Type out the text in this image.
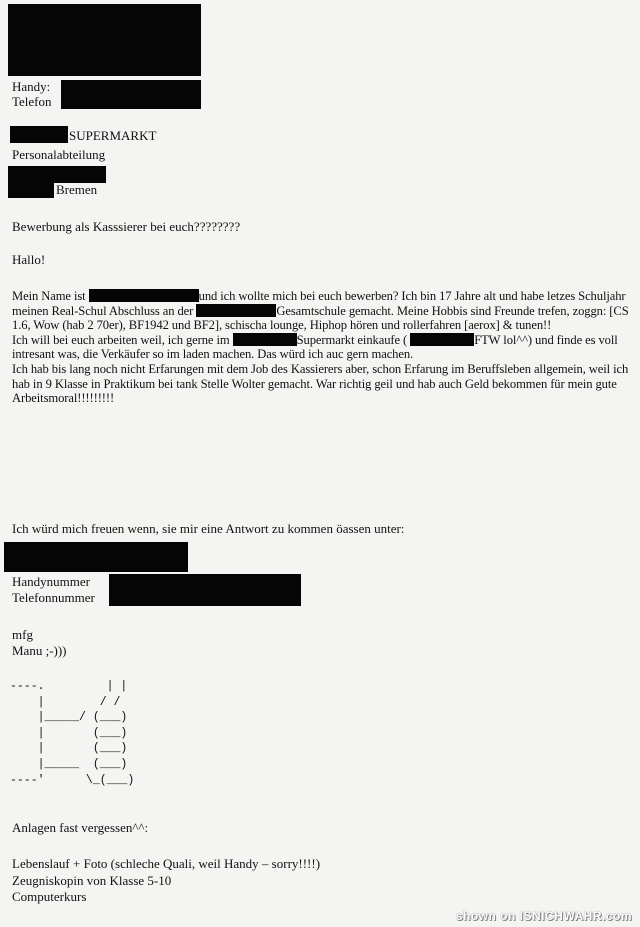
Handy:
Telefon
SUPERMARKT
Personalabteilung
Bremen
Bewerbung als Kasssierer bei euch????????
Hallo!
Mein Name ist	und ich wollte mich bei euch bewerben? Ich bin 17 Jahre alt und habe letzes Schuljahr meinen Real-Schul Abschluss an der	Gesamtschule gemacht. Meine Hobbis sind Freunde trefen, zoggn: [CS 1.6, Wow (hab 2 70er), BF1942 und BF2], schischa lounge, Hiphop hören und rollerfahren [aerox] & tunen!!
Ich will bei euch arbeiten weil, ich gerne im	Supermarkt einkaufe (	FTW lol^^) und finde es voll intresant was, die Verkäufer so im laden machen. Das würd ich auc gern machen.
Ich hab bis lang noch nicht Erfarungen mit dem Job des Kassierers aber, schon Erfarung im Beruffsleben allgemein, weil ich hab in 9 Klasse in Praktikum bei tank Stelle Wolter gemacht. War richtig geil und hab auch Geld bekommen für mein gute Arbeitsmoral!!!!!!!!!
Ich würd mich freuen wenn, sie mir eine Antwort zu kommen öassen unter:
Handynummer
Telefonnummer
mfg
Manu ;-)))
----.         | |
|        / /
|_____/ (___)
|       (___)
|       (___)
|_____  (___)
----'      \_(___)
Anlagen fast vergessen^^:
Lebenslauf + Foto (schleche Quali, weil Handy – sorry!!!!)
Zeugniskopin von Klasse 5-10
Computerkurs
shown on ISNICHWAHR.com
